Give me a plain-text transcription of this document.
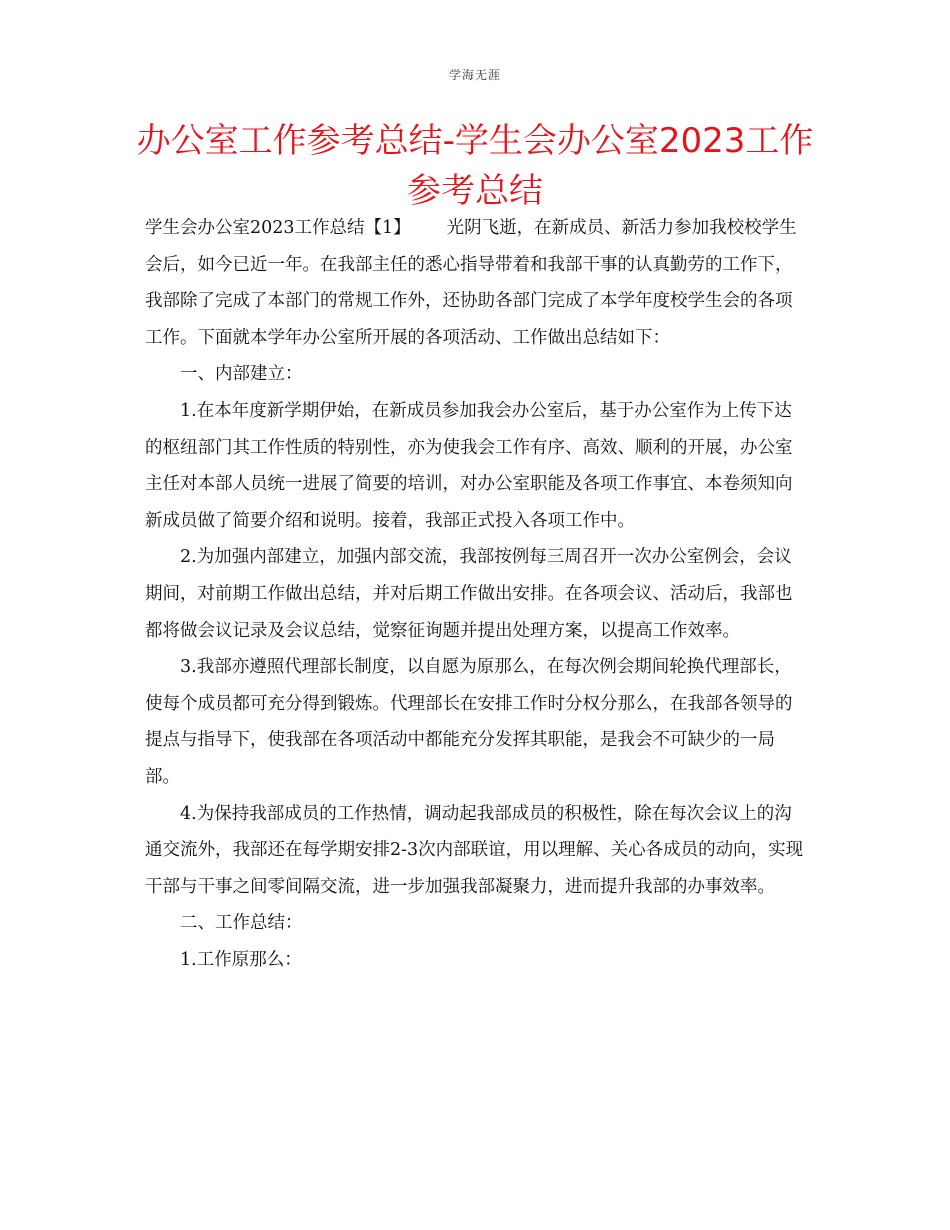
学海无涯
办公室工作参考总结-学生会办公室2023工作参考总结

学生会办公室2023工作总结【1】 光阴飞逝，在新成员、新活力参加我校校学生会后，如今已近一年。在我部主任的悉心指导带着和我部干事的认真勤劳的工作下，我部除了完成了本部门的常规工作外，还协助各部门完成了本学年度校学生会的各项工作。下面就本学年办公室所开展的各项活动、工作做出总结如下：

一、内部建立：

1.在本年度新学期伊始，在新成员参加我会办公室后，基于办公室作为上传下达的枢纽部门其工作性质的特别性，亦为使我会工作有序、高效、顺利的开展，办公室主任对本部人员统一进展了简要的培训，对办公室职能及各项工作事宜、本卷须知向新成员做了简要介绍和说明。接着，我部正式投入各项工作中。

2.为加强内部建立，加强内部交流，我部按例每三周召开一次办公室例会，会议期间，对前期工作做出总结，并对后期工作做出安排。在各项会议、活动后，我部也都将做会议记录及会议总结，觉察征询题并提出处理方案，以提高工作效率。

3.我部亦遵照代理部长制度，以自愿为原那么，在每次例会期间轮换代理部长，使每个成员都可充分得到锻炼。代理部长在安排工作时分权分那么，在我部各领导的提点与指导下，使我部在各项活动中都能充分发挥其职能，是我会不可缺少的一局部。

4.为保持我部成员的工作热情，调动起我部成员的积极性，除在每次会议上的沟通交流外，我部还在每学期安排2-3次内部联谊，用以理解、关心各成员的动向，实现干部与干事之间零间隔交流，进一步加强我部凝聚力，进而提升我部的办事效率。

二、工作总结：

1.工作原那么：
